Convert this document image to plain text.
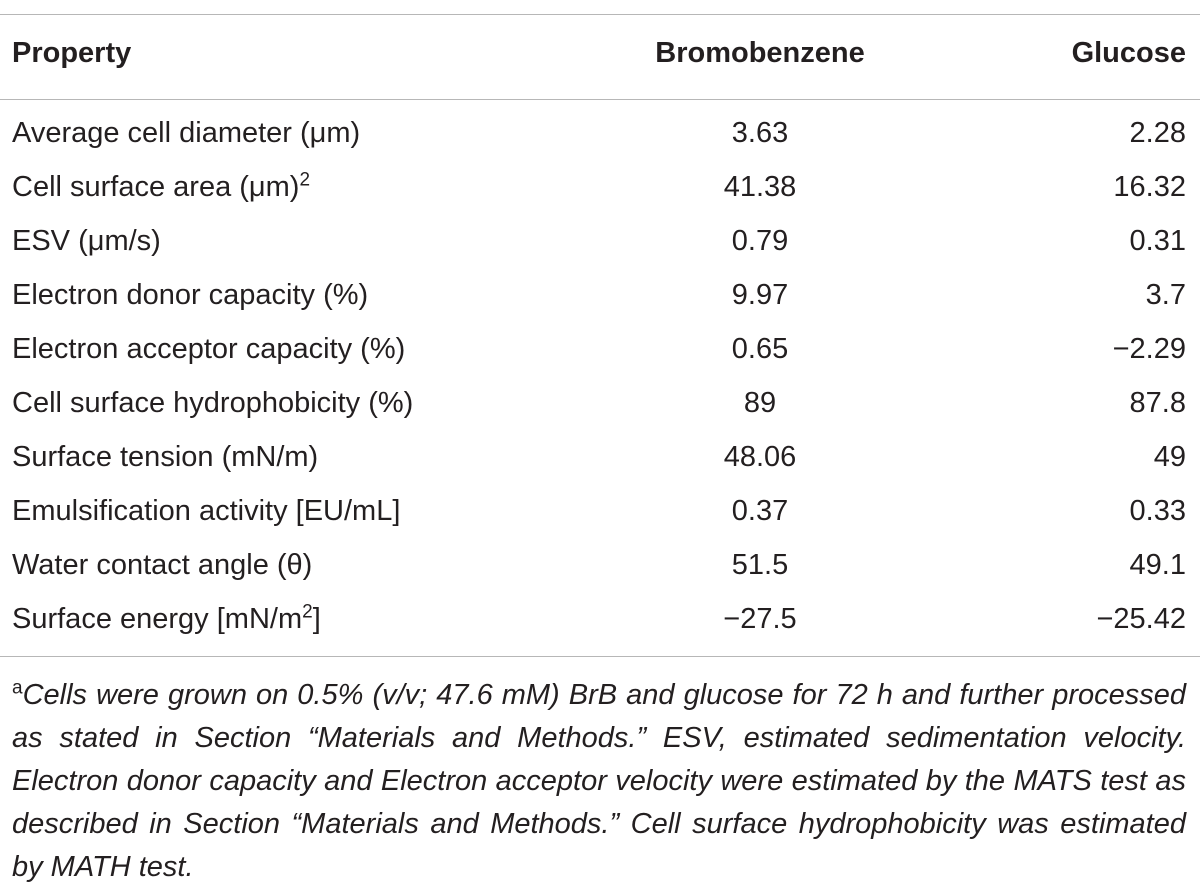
Property	Bromobenzene	Glucose
Average cell diameter (μm)	3.63	2.28
Cell surface area $(\mu m)^2$	41.38	16.32
ESV (μm/s)	0.79	0.31
Electron donor capacity (%)	9.97	3.7
Electron acceptor capacity (%)	0.65	−2.29
Cell surface hydrophobicity (%)	89	87.8
Surface tension (mN/m)	48.06	49
Emulsification activity [EU/mL]	0.37	0.33
Water contact angle (θ)	51.5	49.1
Surface energy $[mN/m^2]$	−27.5	−25.42
$^a$Cells were grown on 0.5% (v/v; 47.6 mM) BrB and glucose for 72 h and further processed as stated in Section “Materials and Methods.” ESV, estimated sedimentation velocity. Electron donor capacity and Electron acceptor velocity were estimated by the MATS test as described in Section “Materials and Methods.” Cell surface hydrophobicity was estimated by MATH test.
